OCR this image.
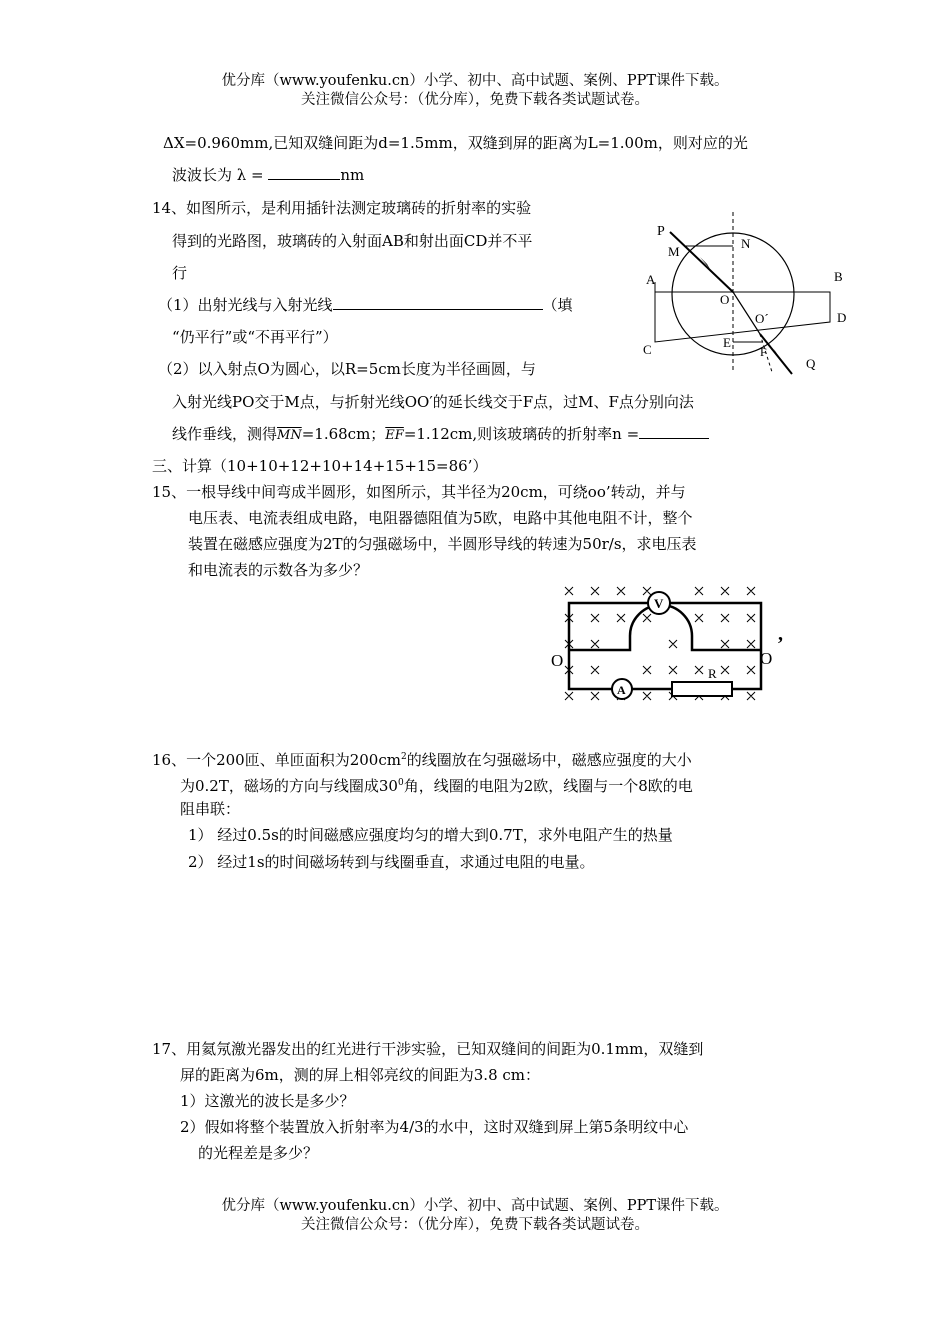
优分库（www.youfenku.cn）小学、初中、高中试题、案例、PPT课件下载。
关注微信公众号：（优分库），免费下载各类试题试卷。
ΔX=0.960mm,已知双缝间距为d=1.5mm，双缝到屏的距离为L=1.00m，则对应的光
波波长为 λ =	nm
14、如图所示，是利用插针法测定玻璃砖的折射率的实验
得到的光路图，玻璃砖的入射面AB和射出面CD并不平
行
（1）出射光线与入射光线	（填
“仍平行”或“不再平行”）
（2）以入射点O为圆心，以R=5cm长度为半径画圆，与
入射光线PO交于M点，与折射光线OO′的延长线交于F点，过M、F点分别向法
线作垂线，测得$\overline{MN}=1.68cm$；$\overline{EF}=1.12cm$,则该玻璃砖的折射率n =
P
M
N
A	B
O
O´	D
C	E
F
Q
三、计算（10+10+12+10+14+15+15=86’）
15、一根导线中间弯成半圆形，如图所示，其半径为20cm，可绕oo’转动，并与
电压表、电流表组成电路，电阻器德阻值为5欧，电路中其他电阻不计，整个
装置在磁感应强度为2T的匀强磁场中，半圆形导线的转速为50r/s，求电压表
和电流表的示数各为多少？
V
A
R
O	O
’
16、一个200匝、单匝面积为$200cm^2$的线圈放在匀强磁场中，磁感应强度的大小
为0.2T，磁场的方向与线圈成$30^0$角，线圈的电阻为2欧，线圈与一个8欧的电
阻串联：
1） 经过0.5s的时间磁感应强度均匀的增大到0.7T，求外电阻产生的热量
2） 经过1s的时间磁场转到与线圈垂直，求通过电阻的电量。
17、用氦氖激光器发出的红光进行干涉实验，已知双缝间的间距为0.1mm，双缝到
屏的距离为6m，测的屏上相邻亮纹的间距为3.8 cm：
1）这激光的波长是多少？
2）假如将整个装置放入折射率为4/3的水中，这时双缝到屏上第5条明纹中心
的光程差是多少？
优分库（www.youfenku.cn）小学、初中、高中试题、案例、PPT课件下载。
关注微信公众号：（优分库），免费下载各类试题试卷。
